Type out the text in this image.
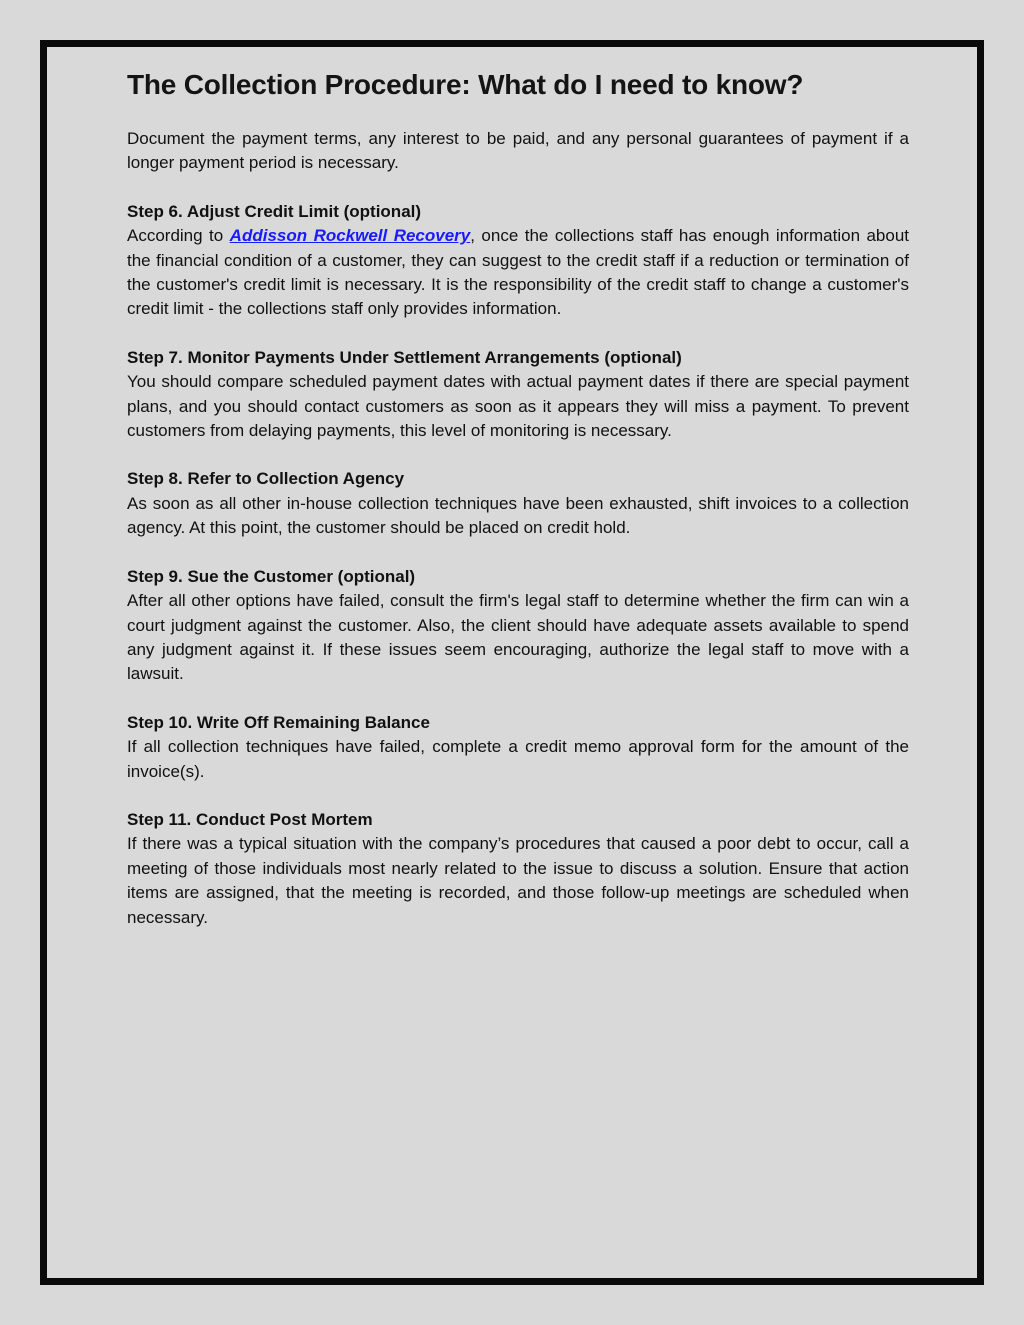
The Collection Procedure: What do I need to know?

Document the payment terms, any interest to be paid, and any personal guarantees of payment if a longer payment period is necessary.

Step 6. Adjust Credit Limit (optional)

According to Addisson Rockwell Recovery, once the collections staff has enough information about the financial condition of a customer, they can suggest to the credit staff if a reduction or termination of the customer's credit limit is necessary. It is the responsibility of the credit staff to change a customer's credit limit - the collections staff only provides information.

Step 7. Monitor Payments Under Settlement Arrangements (optional)

You should compare scheduled payment dates with actual payment dates if there are special payment plans, and you should contact customers as soon as it appears they will miss a payment. To prevent customers from delaying payments, this level of monitoring is necessary.

Step 8. Refer to Collection Agency

As soon as all other in-house collection techniques have been exhausted, shift invoices to a collection agency. At this point, the customer should be placed on credit hold.

Step 9. Sue the Customer (optional)

After all other options have failed, consult the firm's legal staff to determine whether the firm can win a court judgment against the customer. Also, the client should have adequate assets available to spend any judgment against it. If these issues seem encouraging, authorize the legal staff to move with a lawsuit.

Step 10. Write Off Remaining Balance

If all collection techniques have failed, complete a credit memo approval form for the amount of the invoice(s).

Step 11. Conduct Post Mortem

If there was a typical situation with the company’s procedures that caused a poor debt to occur, call a meeting of those individuals most nearly related to the issue to discuss a solution. Ensure that action items are assigned, that the meeting is recorded, and those follow-up meetings are scheduled when necessary.
